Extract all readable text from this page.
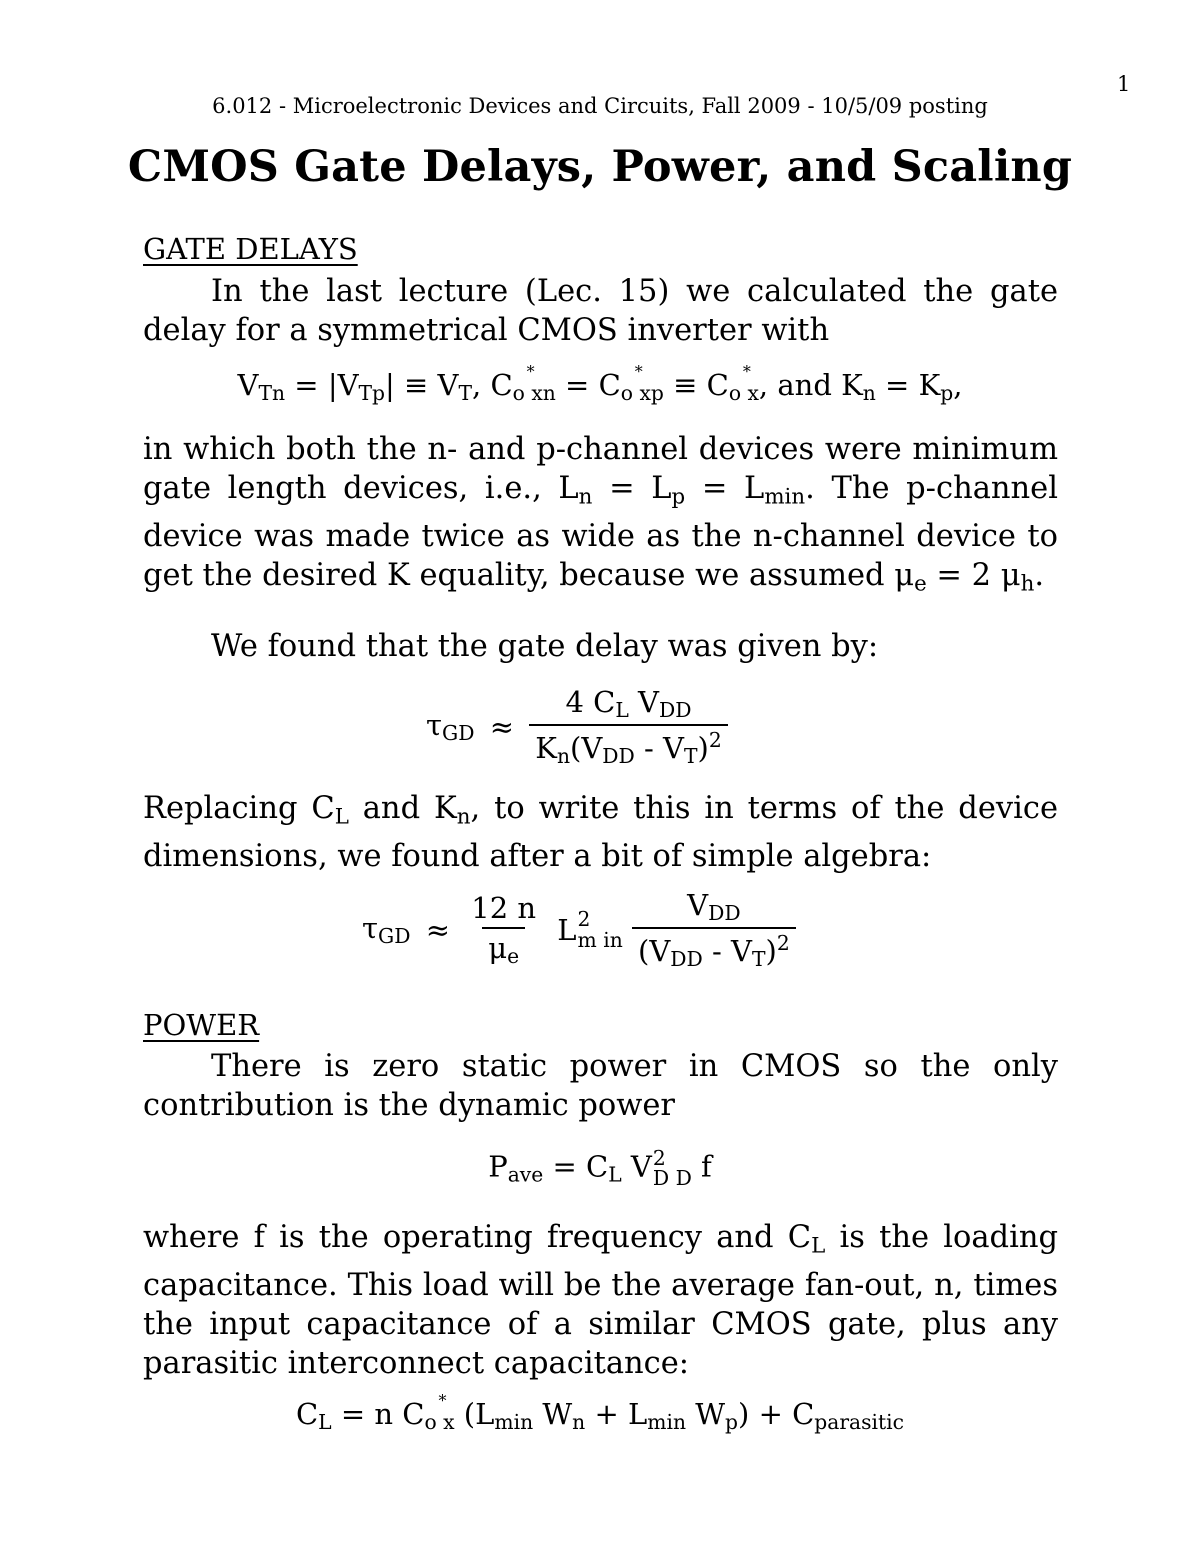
1
6.012 - Microelectronic Devices and Circuits, Fall 2009 - 10/5/09 posting
CMOS Gate Delays, Power, and Scaling
GATE DELAYS
In the last lecture (Lec. 15) we calculated the gate delay for a symmetrical CMOS inverter with
$V_{Tn} = |V_{Tp}| \equiv V_T$, $C_o$
*
$_{xn} = C_o$
*
$_{xp} \equiv C_o$
*
$_x$, and $K_n = K_p$,
in which both the n- and p-channel devices were minimum gate length devices, i.e., $L_n = L_p = L_{min}$. The p-channel device was made twice as wide as the n-channel device to get the desired K equality, because we assumed $\mu_e = 2$ $\mu_h$.
We found that the gate delay was given by:
$\tau_{GD} \approx \frac{4 C_L V_{DD}}{K_n(V_{DD} - V_T)^2}$
Replacing $C_L$ and $K_n$, to write this in terms of the device dimensions, we found after a bit of simple algebra:
$\tau_{GD} \approx \frac{12 n}{\mu_e}$ L 2
m in
$\frac{V_{DD}}{(V_{DD} - V_T)^2}$
POWER
There is zero static power in CMOS so the only contribution is the dynamic power
$P_{ave} = C_L$ V 2
D D f
where f is the operating frequency and $C_L$ is the loading capacitance. This load will be the average fan-out, n, times the input capacitance of a similar CMOS gate, plus any parasitic interconnect capacitance:
$C_L = n$ $C_o$
*
$_x$ ($L_{min}$ $W_n + L_{min}$ $W_p) + C_{parasitic}$
